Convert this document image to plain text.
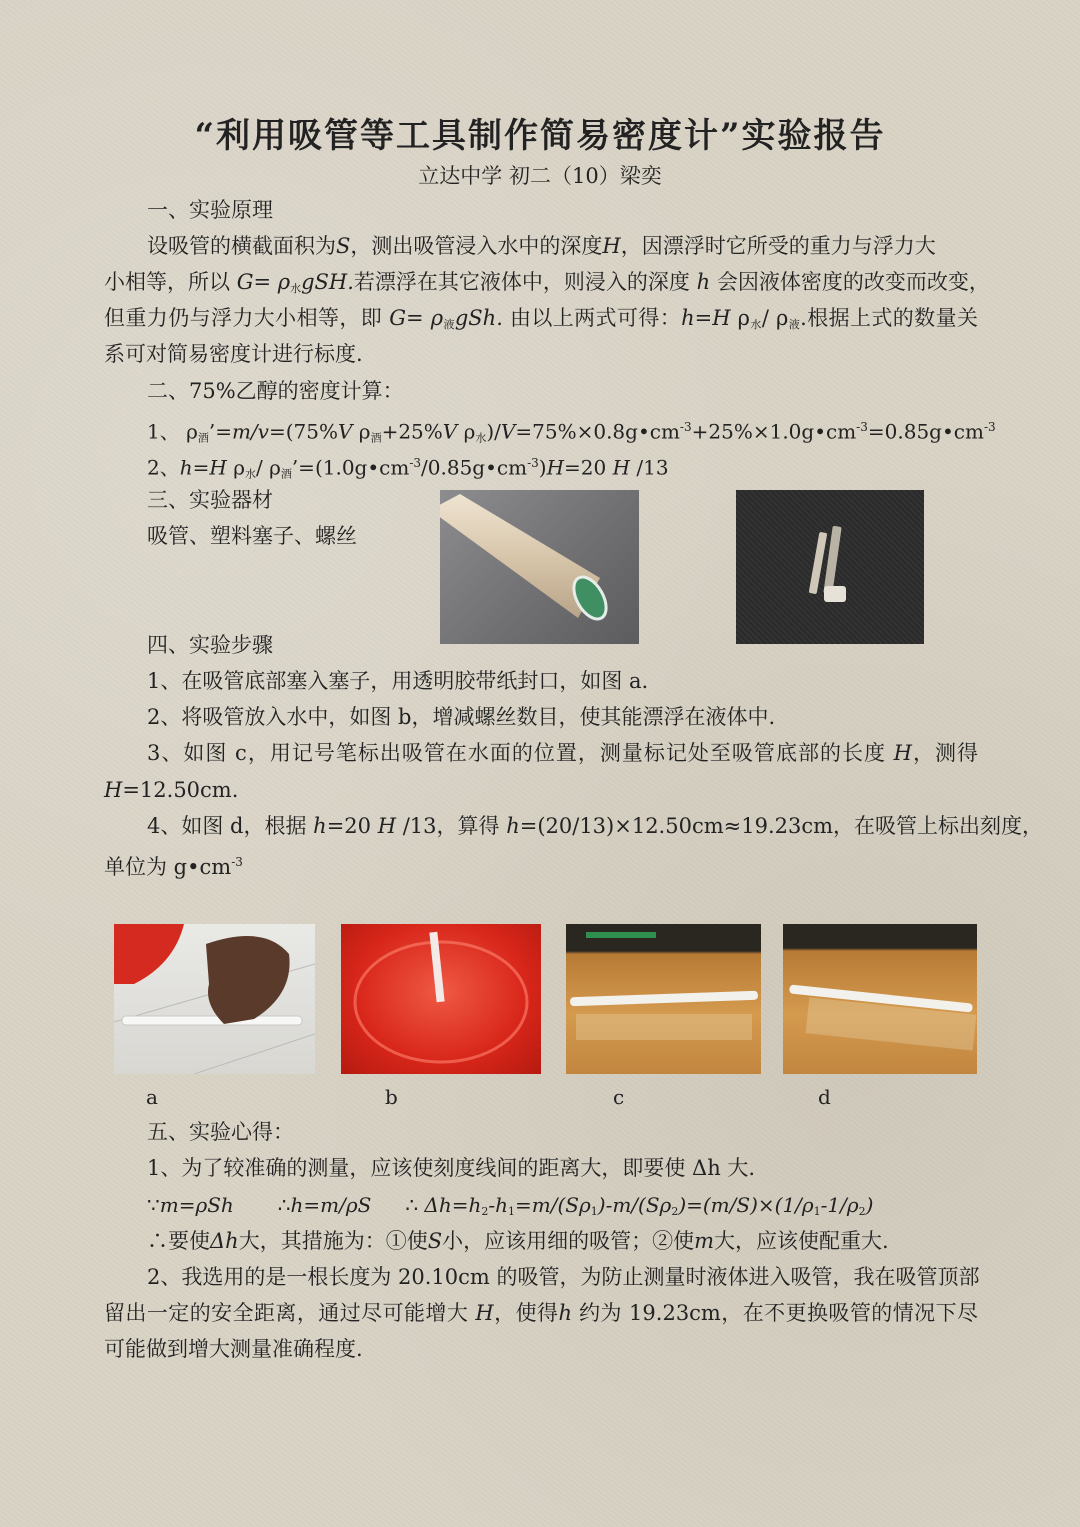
“利用吸管等工具制作简易密度计”实验报告
立达中学 初二（10）梁奕
一、实验原理
设吸管的横截面积为S，测出吸管浸入水中的深度H，因漂浮时它所受的重力与浮力大
小相等，所以 $G= \rho_水gSH$.若漂浮在其它液体中，则浸入的深度 h 会因液体密度的改变而改变，
但重力仍与浮力大小相等，即 $G= \rho_液gSh$. 由以上两式可得：h=H $\rho_水/$ $\rho_液$.根据上式的数量关
系可对简易密度计进行标度.
二、75%乙醇的密度计算：
1、 $\rho_酒’=m/v=(75\%V$ $\rho_酒+25\%V$ $\rho_水)/V=75\%\times 0.8g•cm^{-3}+25\%\times 1.0g•cm^{-3}=0.85g•cm^{-3}$
2、h=H $\rho_水/$ $\rho_酒’=(1.0g•cm^{-3}/0.85g•cm^{-3})H=20$ H /13
三、实验器材
吸管、塑料塞子、螺丝
四、实验步骤
1、在吸管底部塞入塞子，用透明胶带纸封口，如图 a.
2、将吸管放入水中，如图 b，增减螺丝数目，使其能漂浮在液体中.
3、如图 c，用记号笔标出吸管在水面的位置，测量标记处至吸管底部的长度 H，测得
H=12.50cm.
4、如图 d，根据 h=20 H /13，算得 h=(20/13)×12.50cm≈19.23cm，在吸管上标出刻度，
单位为 $g•cm^{-3}$
a	b	c	d
五、实验心得：
1、为了较准确的测量，应该使刻度线间的距离大，即要使 Δh 大.
∵m=ρSh ∴h=m/ρS ∴ $\Delta h=h_2-h_1=m/(S\rho_1)-m/(S\rho_2)=(m/S)\times(1/\rho_1-1/\rho_2)$
∴要使Δh大，其措施为：①使S小，应该用细的吸管；②使m大，应该使配重大.
2、我选用的是一根长度为 20.10cm 的吸管，为防止测量时液体进入吸管，我在吸管顶部
留出一定的安全距离，通过尽可能增大 H，使得h 约为 19.23cm，在不更换吸管的情况下尽
可能做到增大测量准确程度.
